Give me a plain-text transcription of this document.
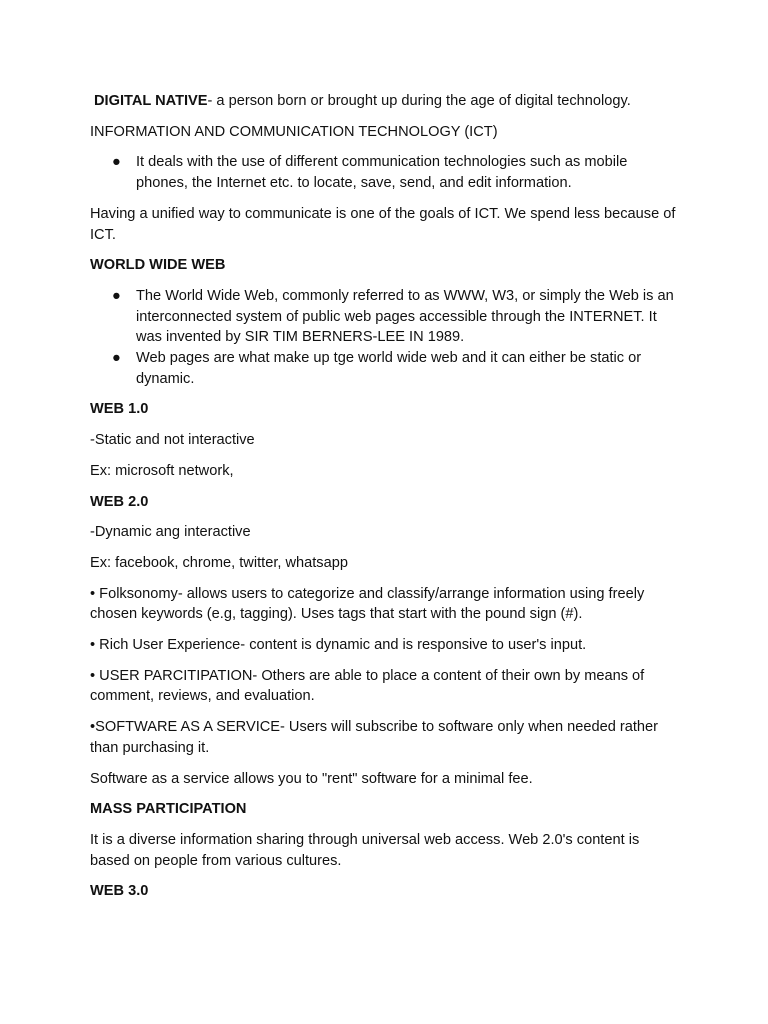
DIGITAL NATIVE- a person born or brought up during the age of digital technology.

INFORMATION AND COMMUNICATION TECHNOLOGY (ICT)

● It deals with the use of different communication technologies such as mobile phones, the Internet etc. to locate, save, send, and edit information.

Having a unified way to communicate is one of the goals of ICT. We spend less because of ICT.

WORLD WIDE WEB

● The World Wide Web, commonly referred to as WWW, W3, or simply the Web is an interconnected system of public web pages accessible through the INTERNET. It was invented by SIR TIM BERNERS-LEE IN 1989.
● Web pages are what make up tge world wide web and it can either be static or dynamic.

WEB 1.0

-Static and not interactive

Ex: microsoft network,

WEB 2.0

-Dynamic ang interactive

Ex: facebook, chrome, twitter, whatsapp

• Folksonomy- allows users to categorize and classify/arrange information using freely chosen keywords (e.g, tagging). Uses tags that start with the pound sign (#).

• Rich User Experience- content is dynamic and is responsive to user's input.

• USER PARCITIPATION- Others are able to place a content of their own by means of comment, reviews, and evaluation.

•SOFTWARE AS A SERVICE- Users will subscribe to software only when needed rather than purchasing it.

Software as a service allows you to "rent" software for a minimal fee.

MASS PARTICIPATION

It is a diverse information sharing through universal web access. Web 2.0's content is based on people from various cultures.

WEB 3.0
